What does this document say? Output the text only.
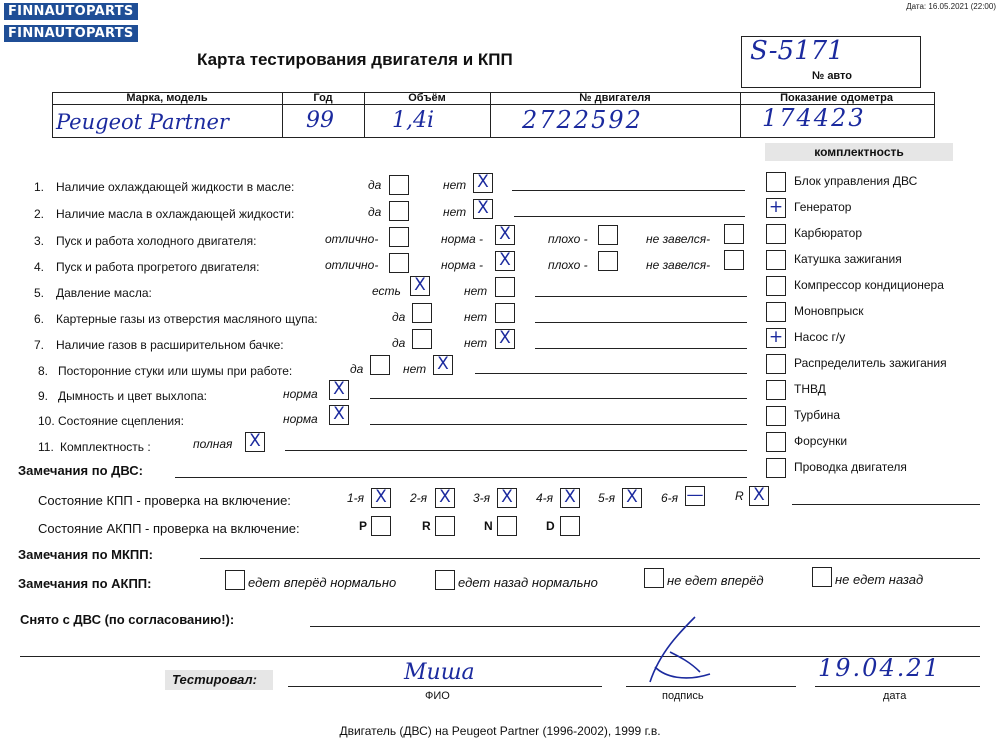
FINNAUTOPARTS
FINNAUTOPARTS
Дата: 16.05.2021 (22:00)
Карта тестирования двигателя и КПП	S-5171
№ авто
Марка, модель	Год	Объём	№ двигателя	Показание одометра
Peugeot Partner	99	1,4i	2722592	174423
комплектность
Блок управления ДВС
+ Генератор
Карбюратор
Катушка зажигания
Компрессор кондиционера
Моновпрыск
+ Насос г/у
Распределитель зажигания
ТНВД
Турбина
Форсунки
Проводка двигателя
1. Наличие охлаждающей жидкости в масле:	да	нет X
2. Наличие масла в охлаждающей жидкости:	да	нет X
3. Пуск и работа холодного двигателя:	отлично-	норма - X	плохо -	не завелся-
4. Пуск и работа прогретого двигателя:	отлично-	норма - X	плохо -	не завелся-
5. Давление масла:	есть X	нет
6. Картерные газы из отверстия масляного щупа:	да	нет
7. Наличие газов в расширительном бачке:	да	нет X
8. Посторонние стуки или шумы при работе:	да	нет X
9. Дымность и цвет выхлопа:	норма X
10. Состояние сцепления:	норма X
11. Комплектность :	полная X
Замечания по ДВС:
Состояние КПП - проверка на включение:	1-я X	2-я X	3-я X	4-я X	5-я X	6-я —	R X
Состояние АКПП - проверка на включение:	P	R	N	D
Замечания по МКПП:
Замечания по АКПП:	едет вперёд нормально	едет назад нормально	не едет вперёд	не едет назад
Снято с ДВС (по согласованию!):
Тестировал:	Миша	19.04.21
ФИО	подпись	дата
Двигатель (ДВС) на Peugeot Partner (1996-2002), 1999 г.в.
